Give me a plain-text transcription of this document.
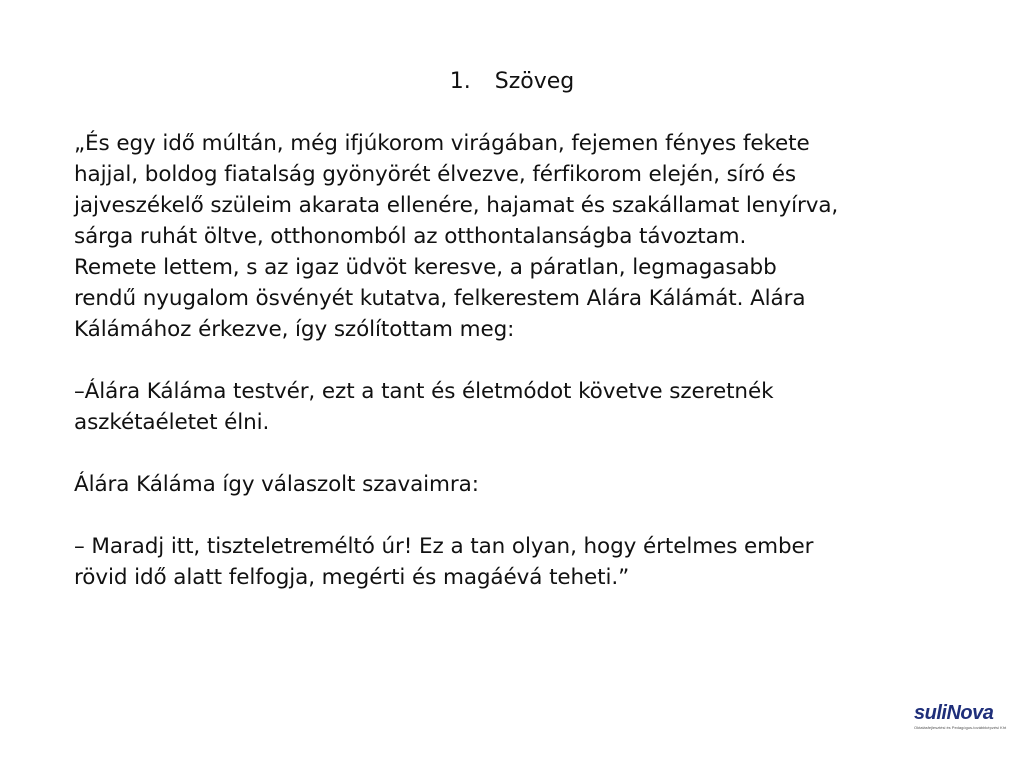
1. Szöveg

„És egy idő múltán, még ifjúkorom virágában, fejemen fényes fekete
hajjal, boldog fiatalság gyönyörét élvezve, férfikorom elején, síró és
jajveszékelő szüleim akarata ellenére, hajamat és szakállamat lenyírva,
sárga ruhát öltve, otthonomból az otthontalanságba távoztam.
Remete lettem, s az igaz üdvöt keresve, a páratlan, legmagasabb
rendű nyugalom ösvényét kutatva, felkerestem Alára Kálámát. Alára
Kálámához érkezve, így szólítottam meg:

–Álára Káláma testvér, ezt a tant és életmódot követve szeretnék
aszkétaéletet élni.

Álára Káláma így válaszolt szavaimra:

– Maradj itt, tiszteletreméltó úr! Ez a tan olyan, hogy értelmes ember
rövid idő alatt felfogja, megérti és magáévá teheti.”

suliNova
Oktatásfejlesztési és Pedagógus-továbbképzési Kht
